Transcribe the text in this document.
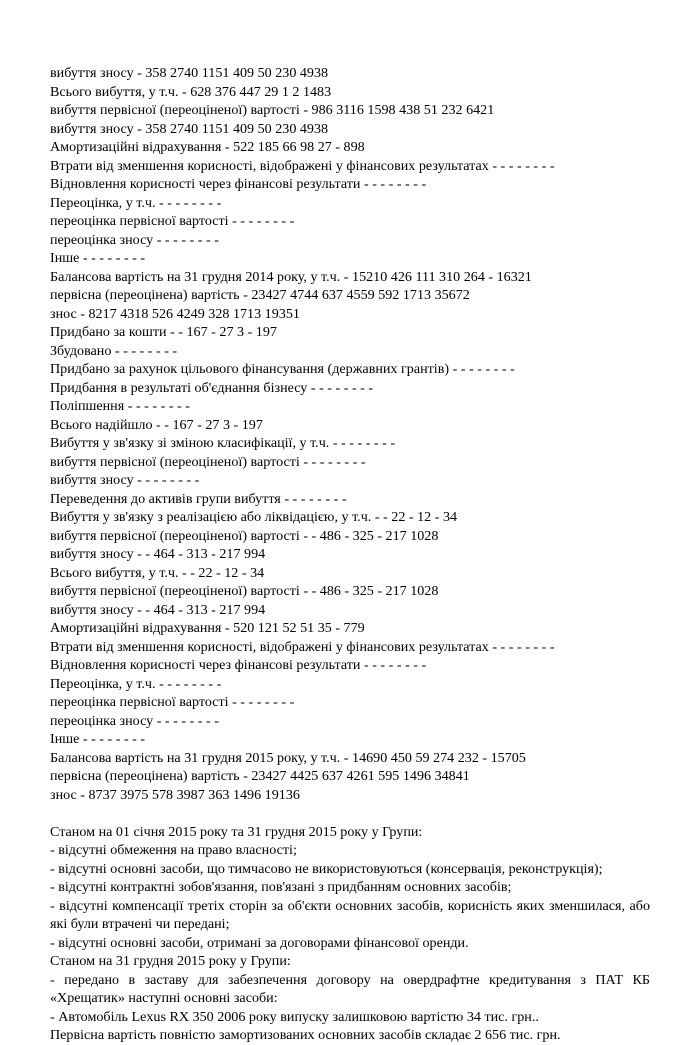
вибуття зносу - 358 2740 1151 409 50 230 4938
Всього вибуття, у т.ч. - 628 376 447 29 1 2 1483
вибуття первісної (переоціненої) вартості - 986 3116 1598 438 51 232 6421
вибуття зносу - 358 2740 1151 409 50 230 4938
Амортизаційні відрахування - 522 185 66 98 27 - 898
Втрати від зменшення корисності, відображені у фінансових результатах - - - - - - - -
Відновлення корисності через фінансові результати - - - - - - - -
Переоцінка, у т.ч. - - - - - - - -
переоцінка первісної вартості - - - - - - - -
переоцінка зносу - - - - - - - -
Інше - - - - - - - -
Балансова вартість на 31 грудня 2014 року, у т.ч. - 15210 426 111 310 264 - 16321
первісна (переоцінена) вартість - 23427 4744 637 4559 592 1713 35672
знос - 8217 4318 526 4249 328 1713 19351
Придбано за кошти - - 167 - 27 3 - 197
Збудовано - - - - - - - -
Придбано за рахунок цільового фінансування (державних грантів) - - - - - - - -
Придбання в результаті об'єднання бізнесу - - - - - - - -
Поліпшення - - - - - - - -
Всього надійшло - - 167 - 27 3 - 197
Вибуття у зв'язку зі зміною класифікації, у т.ч. - - - - - - - -
вибуття первісної (переоціненої) вартості - - - - - - - -
вибуття зносу - - - - - - - -
Переведення до активів групи вибуття - - - - - - - -
Вибуття у зв'язку з реалізацією або ліквідацією, у т.ч. - - 22 - 12 - 34
вибуття первісної (переоціненої) вартості - - 486 - 325 - 217 1028
вибуття зносу - - 464 - 313 - 217 994
Всього вибуття, у т.ч. - - 22 - 12 - 34
вибуття первісної (переоціненої) вартості - - 486 - 325 - 217 1028
вибуття зносу - - 464 - 313 - 217 994
Амортизаційні відрахування - 520 121 52 51 35 - 779
Втрати від зменшення корисності, відображені у фінансових результатах - - - - - - - -
Відновлення корисності через фінансові результати - - - - - - - -
Переоцінка, у т.ч. - - - - - - - -
переоцінка первісної вартості - - - - - - - -
переоцінка зносу - - - - - - - -
Інше - - - - - - - -
Балансова вартість на 31 грудня 2015 року, у т.ч. - 14690 450 59 274 232 - 15705
первісна (переоцінена) вартість - 23427 4425 637 4261 595 1496 34841
знос - 8737 3975 578 3987 363 1496 19136
Станом на 01 січня 2015 року та 31 грудня 2015 року у Групи:
- відсутні обмеження на право власності;
- відсутні основні засоби, що тимчасово не використовуються (консервація, реконструкція);
- відсутні контрактні зобов'язання, пов'язані з придбанням основних засобів;
- відсутні компенсації третіх сторін за об'єкти основних засобів, корисність яких зменшилася, або які були втрачені чи передані;
- відсутні основні засоби, отримані за договорами фінансової оренди.
Станом на 31 грудня 2015 року у Групи:
- передано в заставу для забезпечення договору на овердрафтне кредитування з ПАТ КБ «Хрещатик» наступні основні засоби:
- Автомобіль Lexus RX 350 2006 року випуску залишковою вартістю 34 тис. грн..
Первісна вартість повністю замортизованих основних засобів складає 2 656 тис. грн.
